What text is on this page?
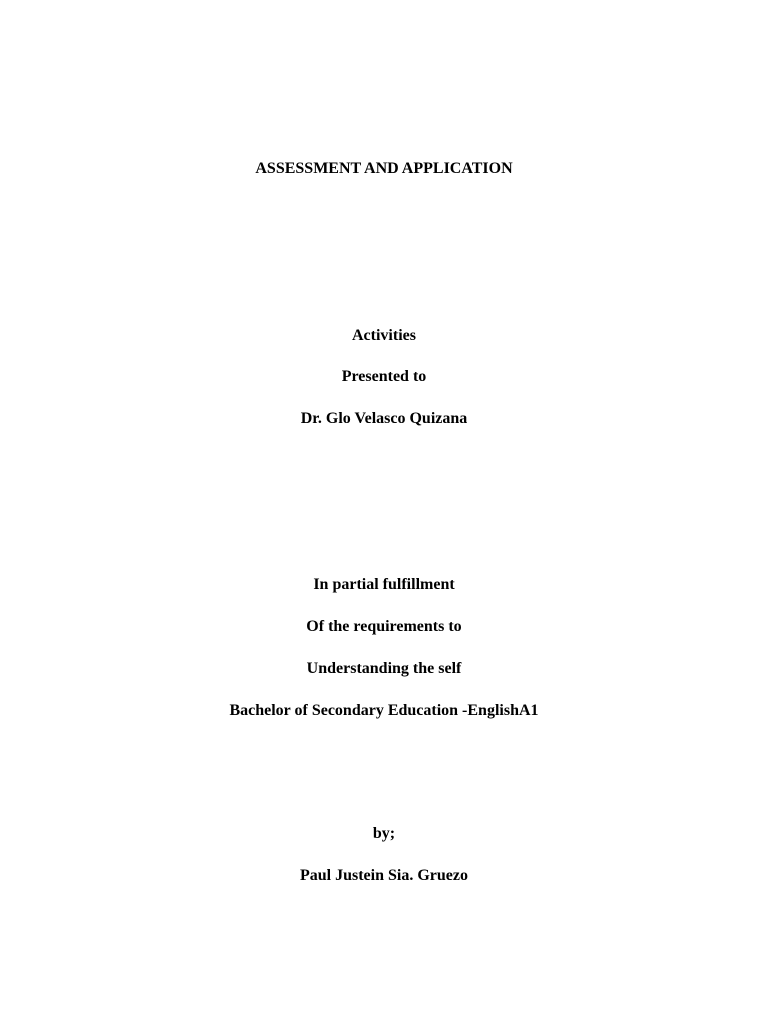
ASSESSMENT AND APPLICATION
Activities
Presented to
Dr. Glo Velasco Quizana
In partial fulfillment
Of the requirements to
Understanding the self
Bachelor of Secondary Education -EnglishA1
by;
Paul Justein Sia. Gruezo
